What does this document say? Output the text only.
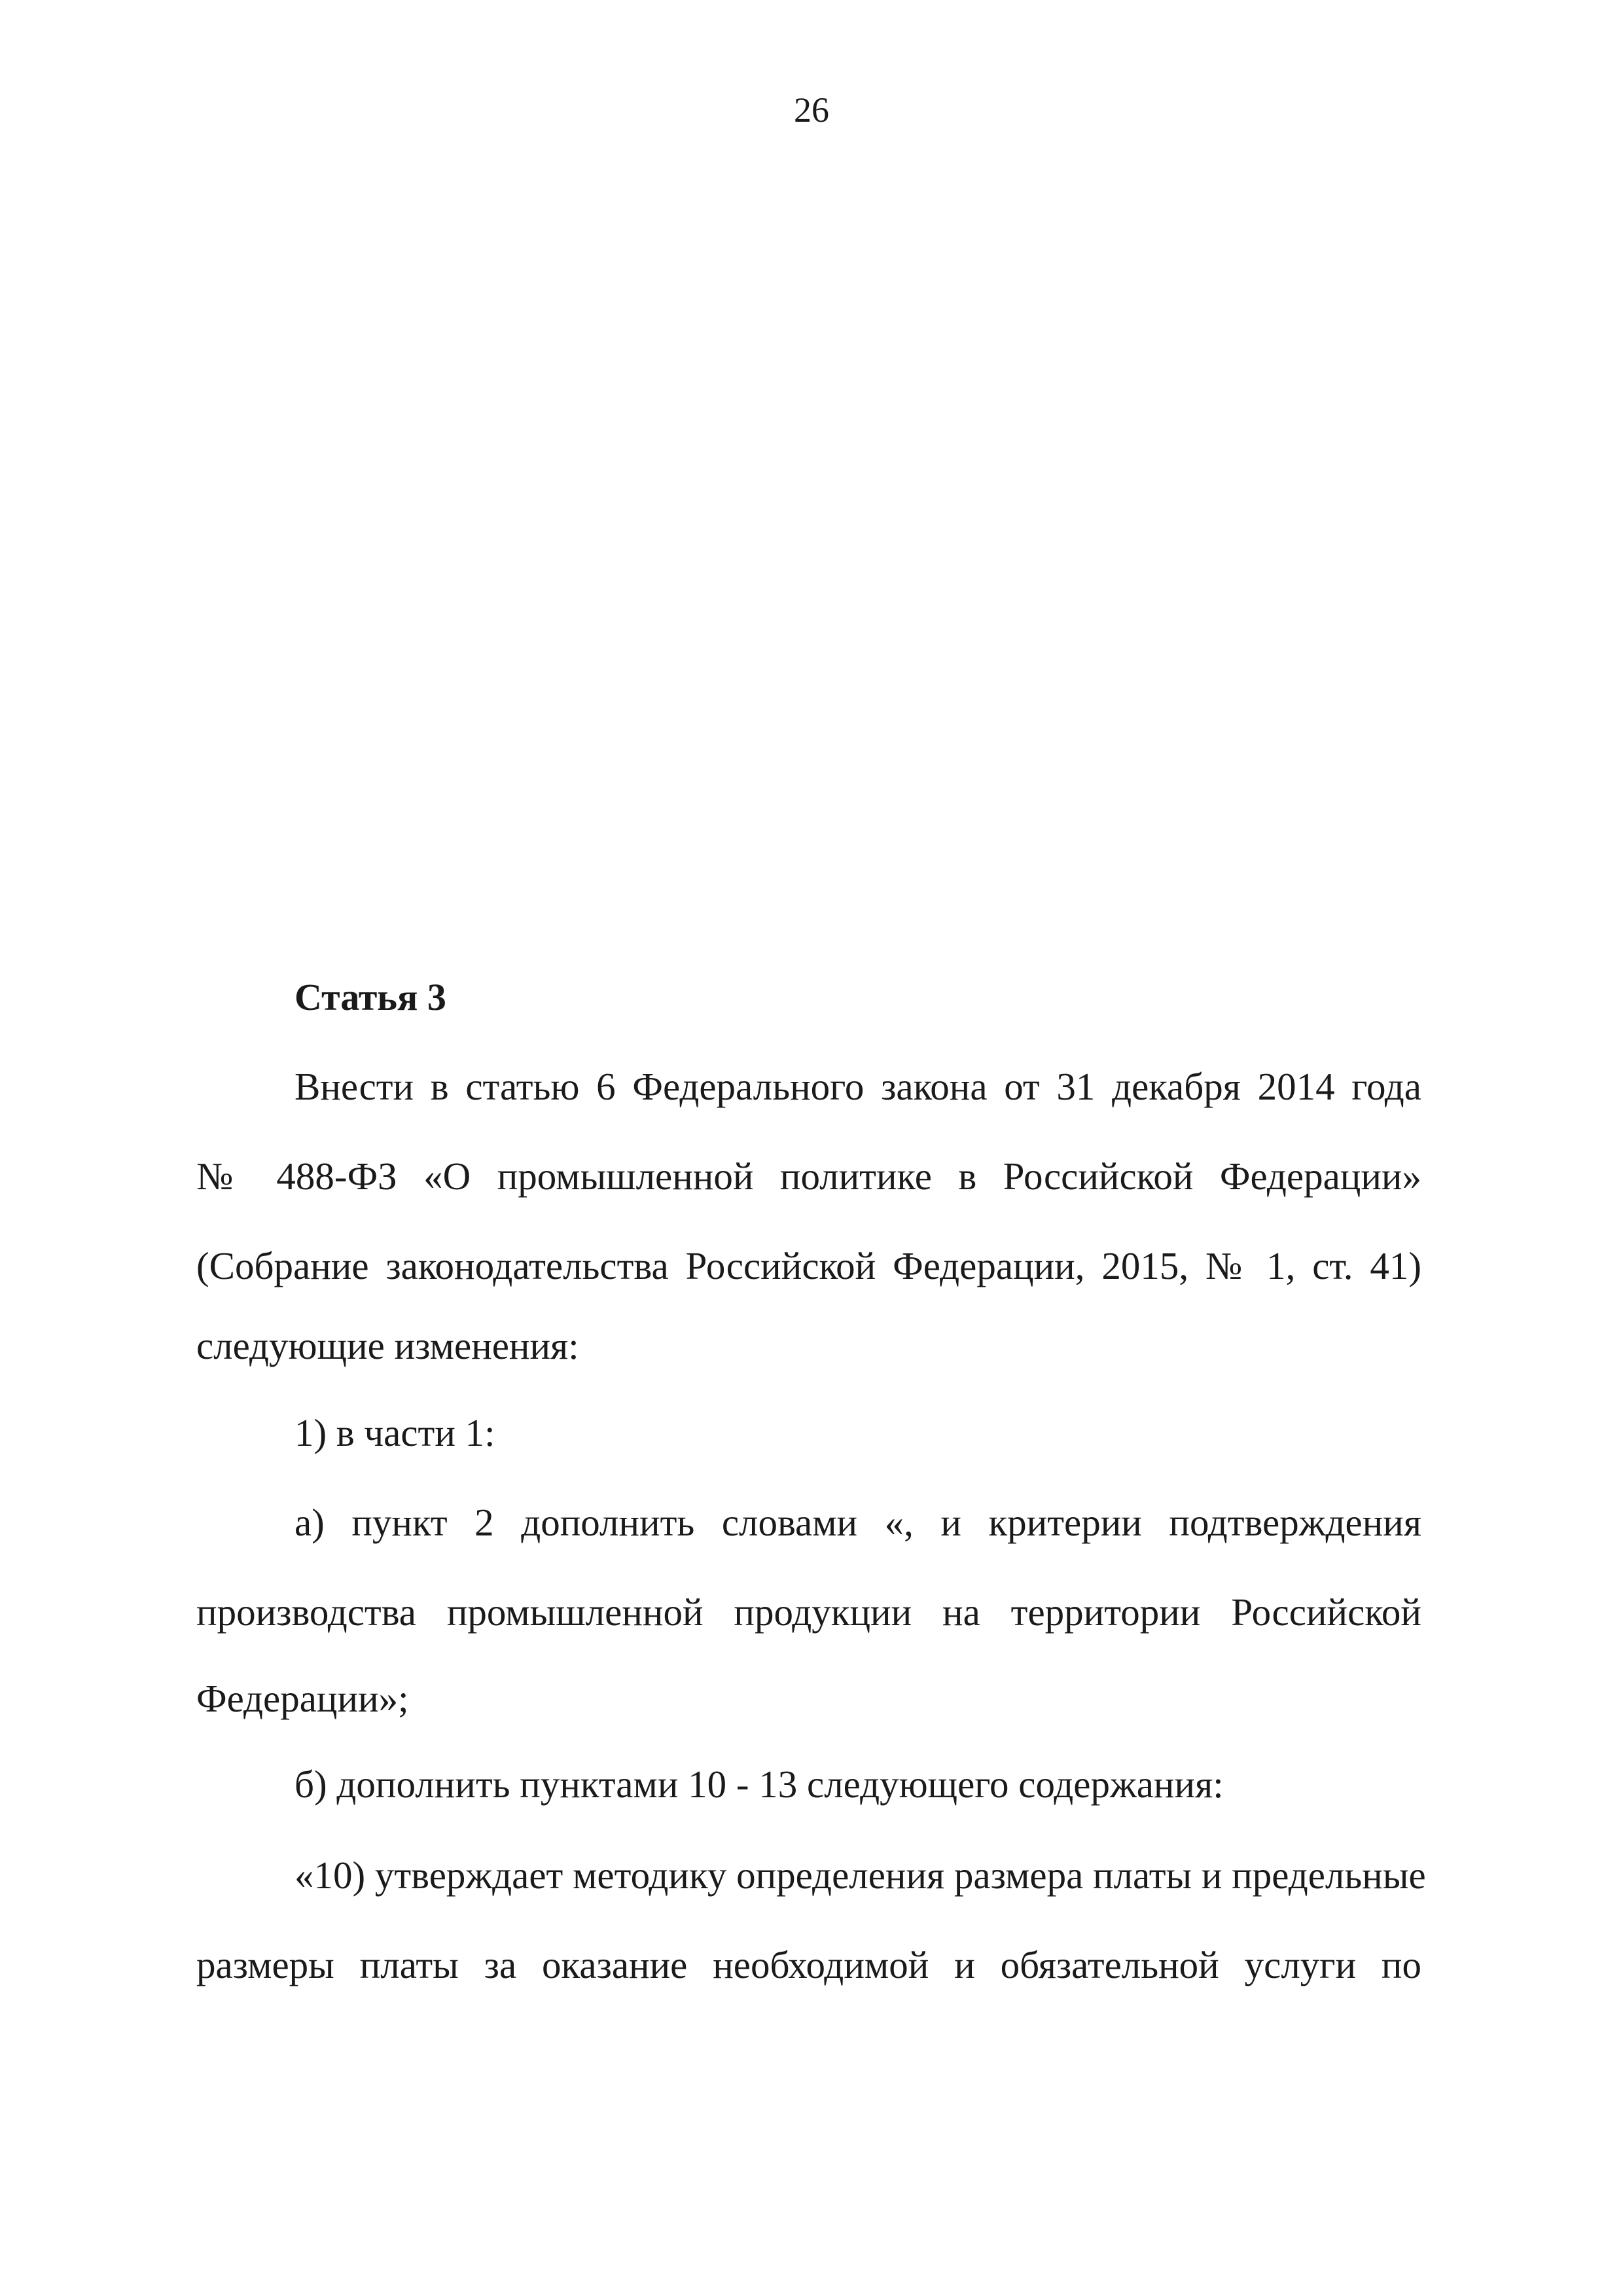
26
Статья 3
Внести в статью 6 Федерального закона от 31 декабря 2014 года
№ 488-ФЗ «О промышленной политике в Российской Федерации»
(Собрание законодательства Российской Федерации, 2015, № 1, ст. 41)
следующие изменения:
1) в части 1:
а) пункт 2 дополнить словами «, и критерии подтверждения
производства промышленной продукции на территории Российской
Федерации»;
б) дополнить пунктами 10 - 13 следующего содержания:
«10) утверждает методику определения размера платы и предельные
размеры платы за оказание необходимой и обязательной услуги по
